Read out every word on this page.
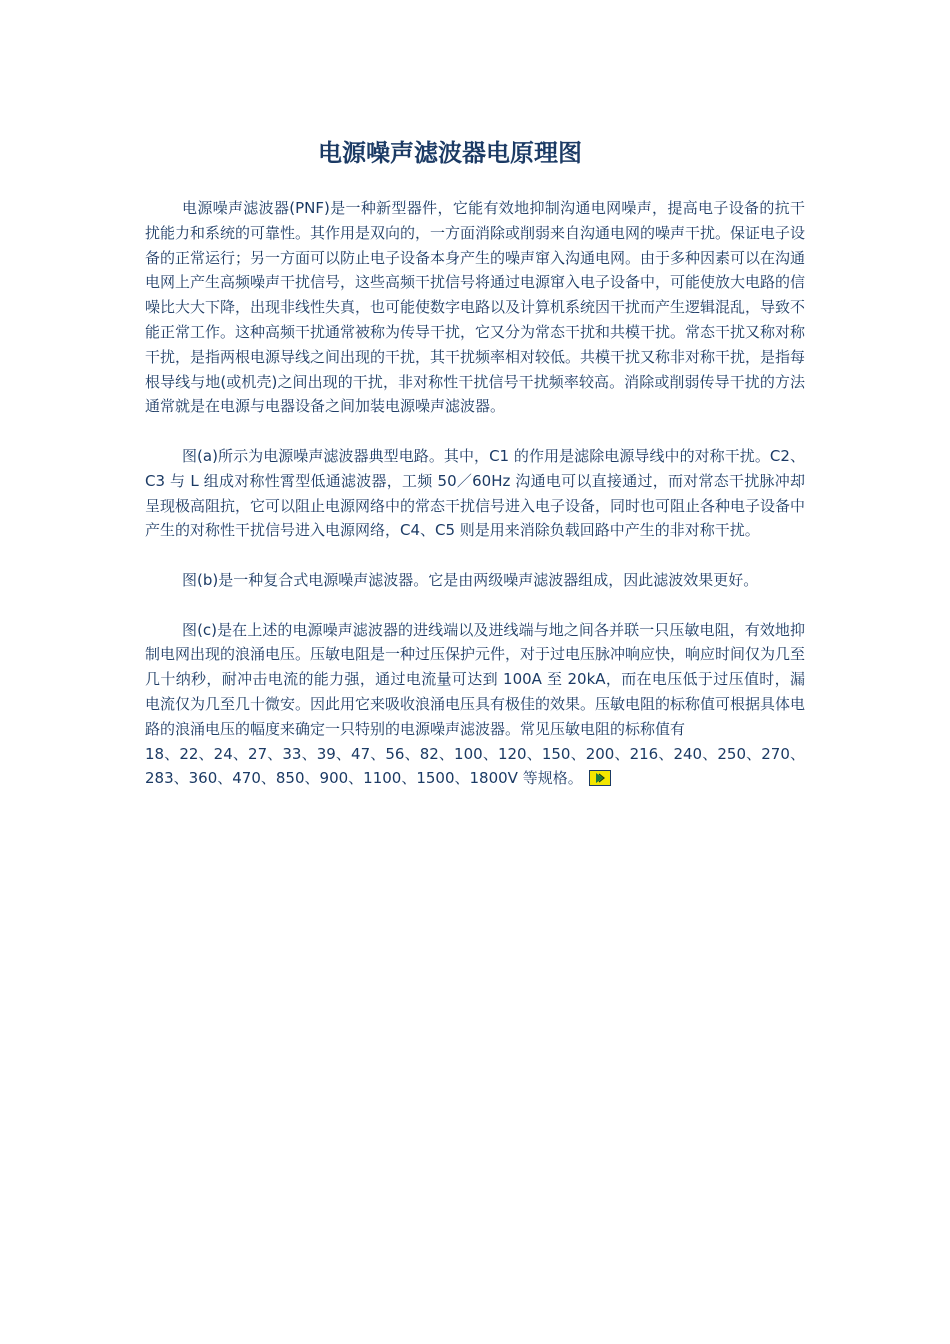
电源噪声滤波器电原理图

电源噪声滤波器(PNF)是一种新型器件，它能有效地抑制沟通电网噪声，提高电子设备的抗干扰能力和系统的可靠性。其作用是双向的，一方面消除或削弱来自沟通电网的噪声干扰。保证电子设备的正常运行；另一方面可以防止电子设备本身产生的噪声窜入沟通电网。由于多种因素可以在沟通电网上产生高频噪声干扰信号，这些高频干扰信号将通过电源窜入电子设备中，可能使放大电路的信噪比大大下降，出现非线性失真，也可能使数字电路以及计算机系统因干扰而产生逻辑混乱，导致不能正常工作。这种高频干扰通常被称为传导干扰，它又分为常态干扰和共模干扰。常态干扰又称对称干扰，是指两根电源导线之间出现的干扰，其干扰频率相对较低。共模干扰又称非对称干扰，是指每根导线与地(或机壳)之间出现的干扰，非对称性干扰信号干扰频率较高。消除或削弱传导干扰的方法通常就是在电源与电器设备之间加装电源噪声滤波器。

图(a)所示为电源噪声滤波器典型电路。其中，C1 的作用是滤除电源导线中的对称干扰。C2、C3 与 L 组成对称性霄型低通滤波器，工频 50／60Hz 沟通电可以直接通过，而对常态干扰脉冲却呈现极高阻抗，它可以阻止电源网络中的常态干扰信号进入电子设备，同时也可阻止各种电子设备中产生的对称性干扰信号进入电源网络，C4、C5 则是用来消除负载回路中产生的非对称干扰。

图(b)是一种复合式电源噪声滤波器。它是由两级噪声滤波器组成，因此滤波效果更好。

图(c)是在上述的电源噪声滤波器的进线端以及进线端与地之间各并联一只压敏电阻，有效地抑制电网出现的浪涌电压。压敏电阻是一种过压保护元件，对于过电压脉冲响应快，响应时间仅为几至几十纳秒，耐冲击电流的能力强，通过电流量可达到 100A 至 20kA，而在电压低于过压值时，漏电流仅为几至几十微安。因此用它来吸收浪涌电压具有极佳的效果。压敏电阻的标称值可根据具体电路的浪涌电压的幅度来确定一只特别的电源噪声滤波器。常见压敏电阻的标称值有
18、22、24、27、33、39、47、56、82、100、120、150、200、216、240、250、270、283、360、470、850、900、1100、1500、1800V 等规格。
